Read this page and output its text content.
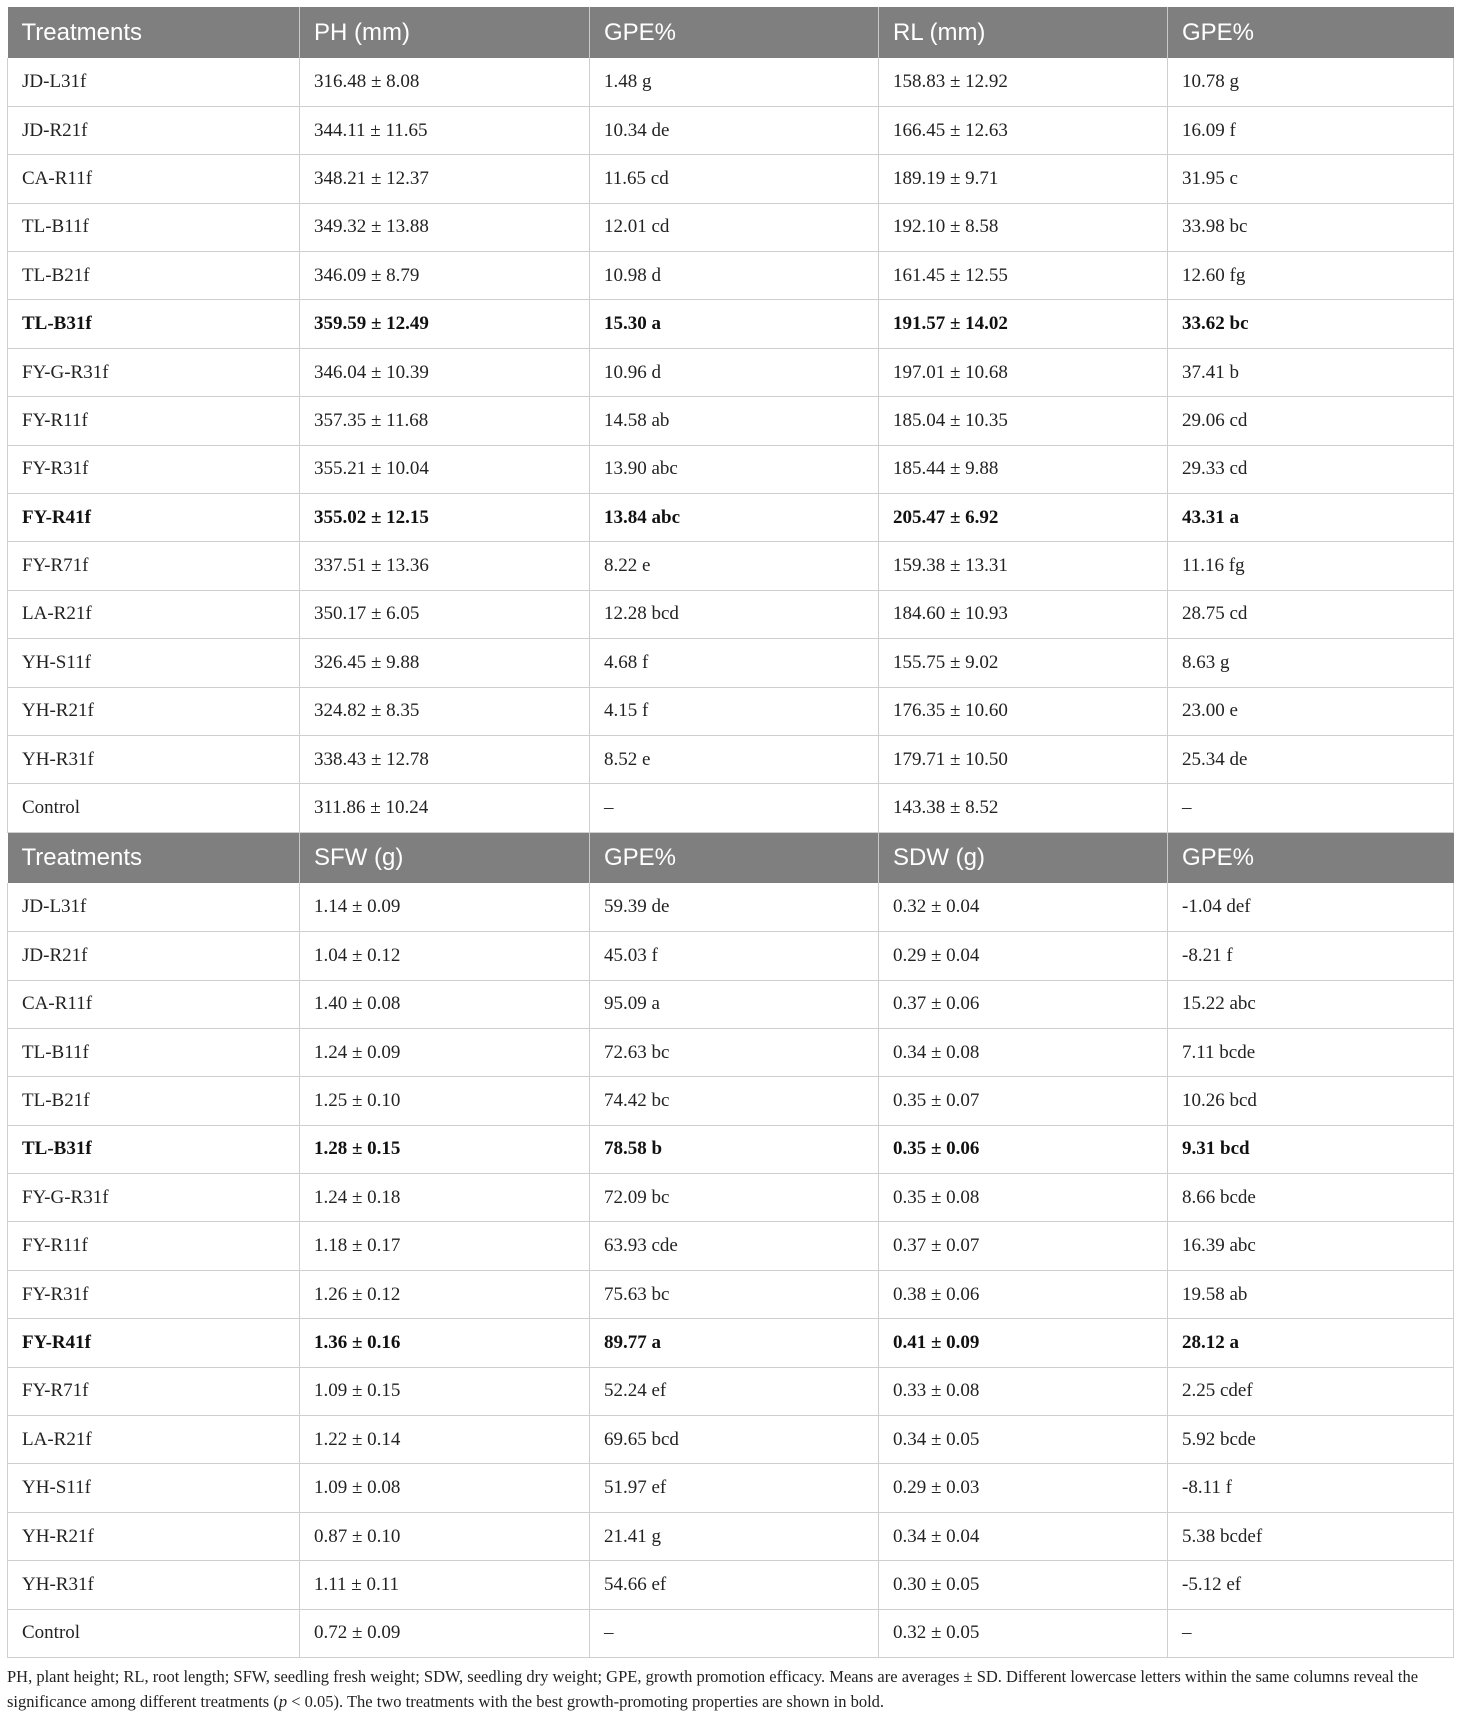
Treatments	PH (mm)	GPE%	RL (mm)	GPE%
JD-L31f	316.48 ± 8.08	1.48 g	158.83 ± 12.92	10.78 g
JD-R21f	344.11 ± 11.65	10.34 de	166.45 ± 12.63	16.09 f
CA-R11f	348.21 ± 12.37	11.65 cd	189.19 ± 9.71	31.95 c
TL-B11f	349.32 ± 13.88	12.01 cd	192.10 ± 8.58	33.98 bc
TL-B21f	346.09 ± 8.79	10.98 d	161.45 ± 12.55	12.60 fg
TL-B31f	359.59 ± 12.49	15.30 a	191.57 ± 14.02	33.62 bc
FY-G-R31f	346.04 ± 10.39	10.96 d	197.01 ± 10.68	37.41 b
FY-R11f	357.35 ± 11.68	14.58 ab	185.04 ± 10.35	29.06 cd
FY-R31f	355.21 ± 10.04	13.90 abc	185.44 ± 9.88	29.33 cd
FY-R41f	355.02 ± 12.15	13.84 abc	205.47 ± 6.92	43.31 a
FY-R71f	337.51 ± 13.36	8.22 e	159.38 ± 13.31	11.16 fg
LA-R21f	350.17 ± 6.05	12.28 bcd	184.60 ± 10.93	28.75 cd
YH-S11f	326.45 ± 9.88	4.68 f	155.75 ± 9.02	8.63 g
YH-R21f	324.82 ± 8.35	4.15 f	176.35 ± 10.60	23.00 e
YH-R31f	338.43 ± 12.78	8.52 e	179.71 ± 10.50	25.34 de
Control	311.86 ± 10.24	–	143.38 ± 8.52	–
Treatments	SFW (g)	GPE%	SDW (g)	GPE%
JD-L31f	1.14 ± 0.09	59.39 de	0.32 ± 0.04	-1.04 def
JD-R21f	1.04 ± 0.12	45.03 f	0.29 ± 0.04	-8.21 f
CA-R11f	1.40 ± 0.08	95.09 a	0.37 ± 0.06	15.22 abc
TL-B11f	1.24 ± 0.09	72.63 bc	0.34 ± 0.08	7.11 bcde
TL-B21f	1.25 ± 0.10	74.42 bc	0.35 ± 0.07	10.26 bcd
TL-B31f	1.28 ± 0.15	78.58 b	0.35 ± 0.06	9.31 bcd
FY-G-R31f	1.24 ± 0.18	72.09 bc	0.35 ± 0.08	8.66 bcde
FY-R11f	1.18 ± 0.17	63.93 cde	0.37 ± 0.07	16.39 abc
FY-R31f	1.26 ± 0.12	75.63 bc	0.38 ± 0.06	19.58 ab
FY-R41f	1.36 ± 0.16	89.77 a	0.41 ± 0.09	28.12 a
FY-R71f	1.09 ± 0.15	52.24 ef	0.33 ± 0.08	2.25 cdef
LA-R21f	1.22 ± 0.14	69.65 bcd	0.34 ± 0.05	5.92 bcde
YH-S11f	1.09 ± 0.08	51.97 ef	0.29 ± 0.03	-8.11 f
YH-R21f	0.87 ± 0.10	21.41 g	0.34 ± 0.04	5.38 bcdef
YH-R31f	1.11 ± 0.11	54.66 ef	0.30 ± 0.05	-5.12 ef
Control	0.72 ± 0.09	–	0.32 ± 0.05	–
PH, plant height; RL, root length; SFW, seedling fresh weight; SDW, seedling dry weight; GPE, growth promotion efficacy. Means are averages ± SD. Different lowercase letters within the same columns reveal the significance among different treatments (p < 0.05). The two treatments with the best growth-promoting properties are shown in bold.
